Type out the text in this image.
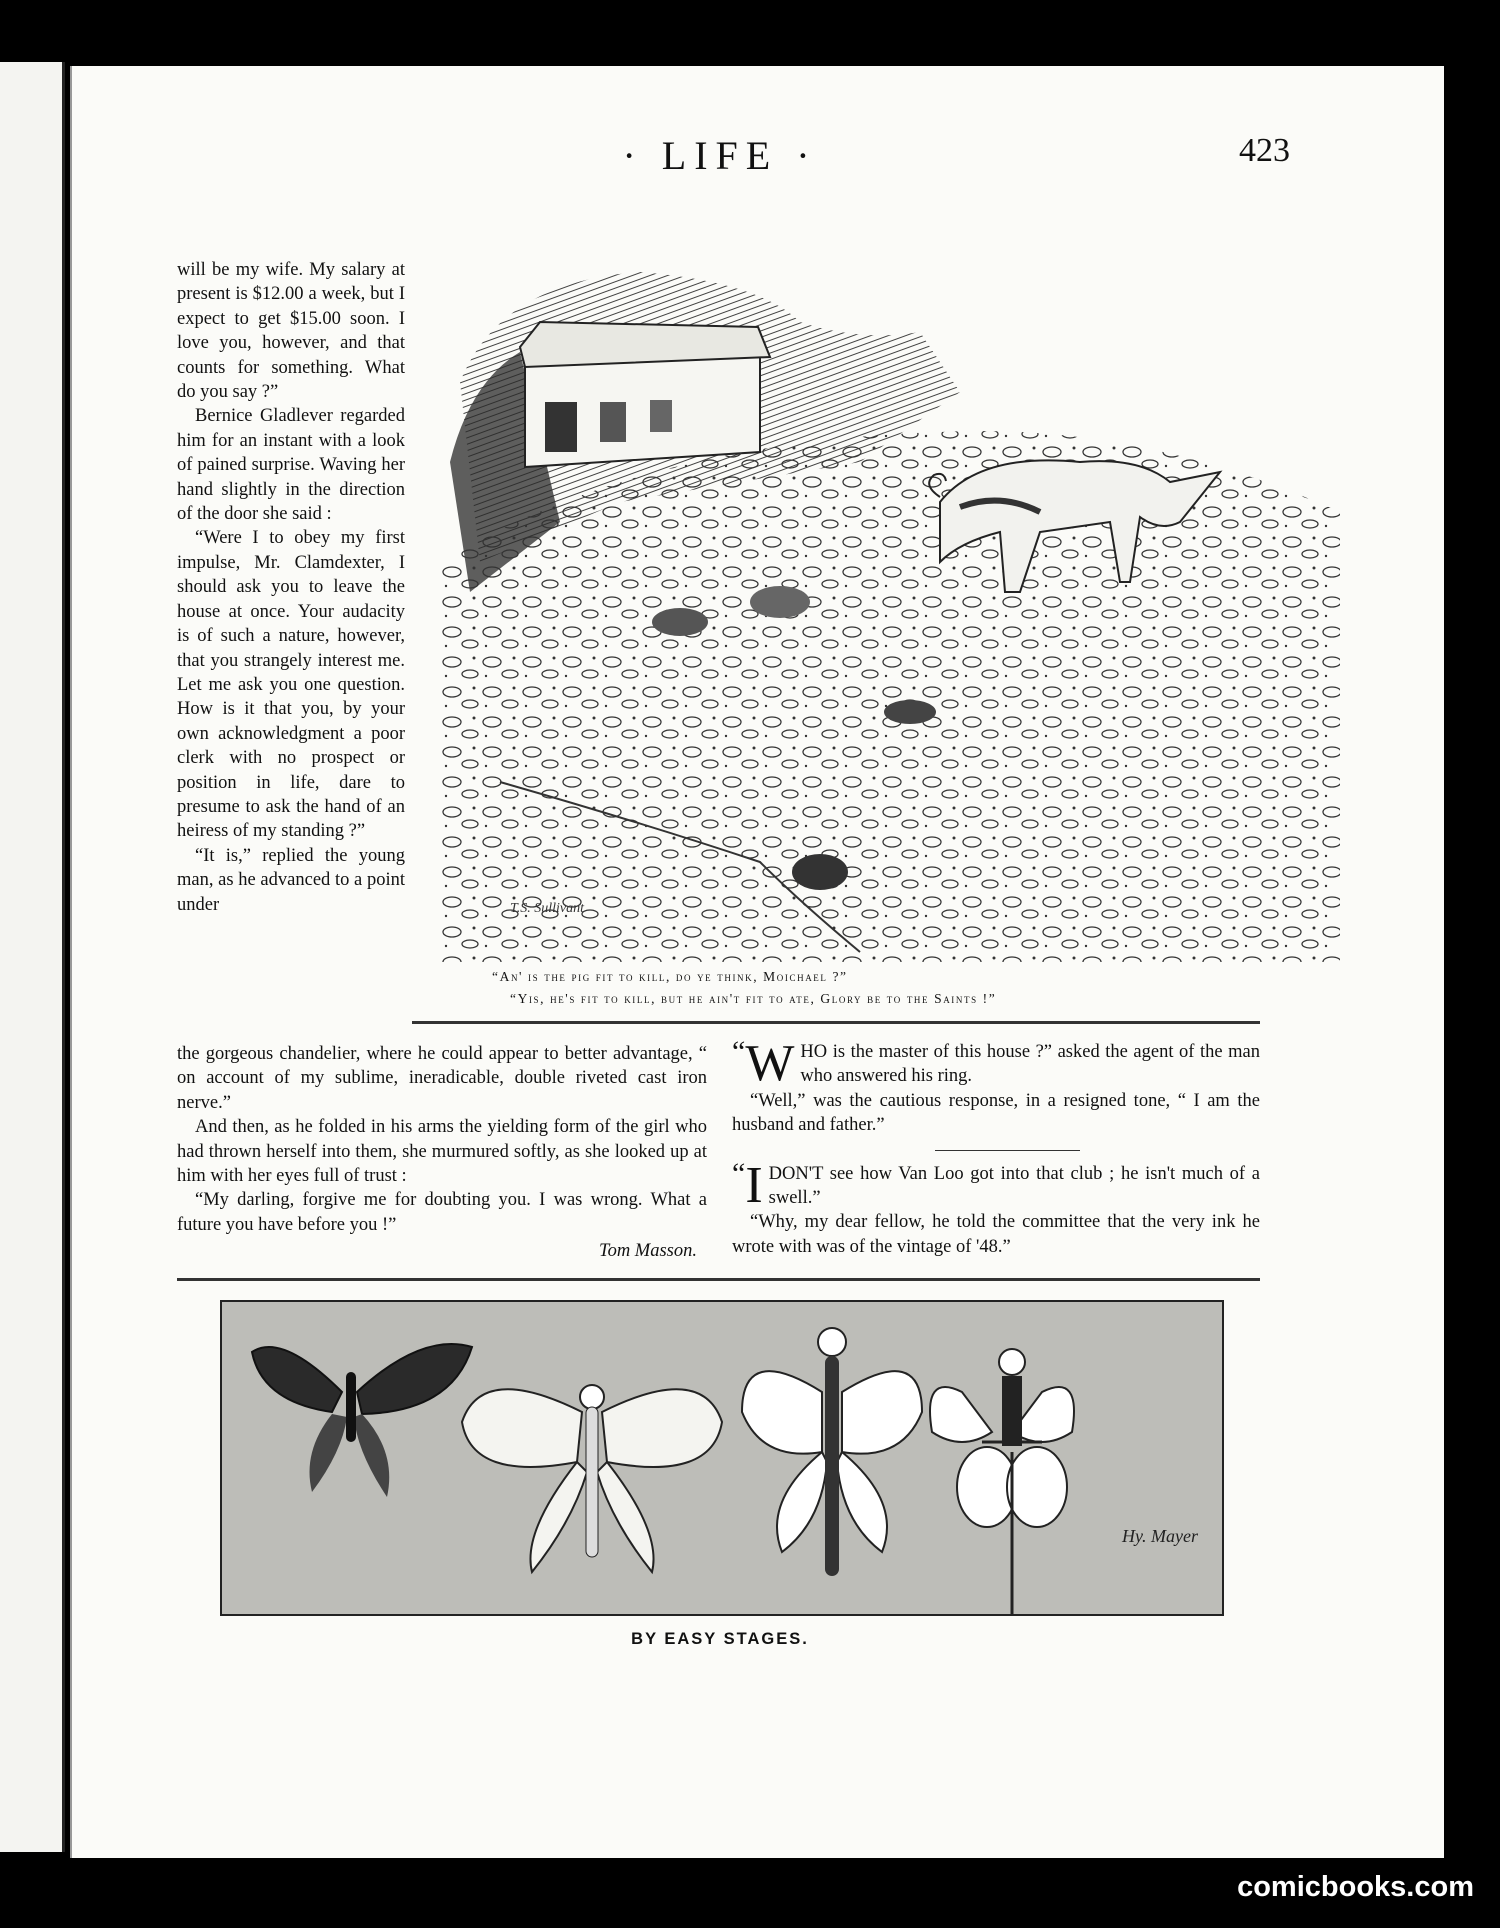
· LIFE ·	423
T.S. Sullivant
“An' is the pig fit to kill, do ye think, Moichael ?”
“Yis, he's fit to kill, but he ain't fit to ate, Glory be to the Saints !”

will be my wife. My salary at present is $12.00 a week, but I expect to get $15.00 soon. I love you, however, and that counts for something. What do you say ?”

Bernice Gladlever regarded him for an instant with a look of pained surprise. Waving her hand slightly in the direction of the door she said :

“Were I to obey my first impulse, Mr. Clamdexter, I should ask you to leave the house at once. Your audacity is of such a nature, however, that you strangely interest me. Let me ask you one question. How is it that you, by your own acknowledgment a poor clerk with no prospect or position in life, dare to presume to ask the hand of an heiress of my standing ?”

“It is,” replied the young man, as he advanced to a point under

the gorgeous chandelier, where he could appear to better advantage, “ on account of my sublime, ineradicable, double riveted cast iron nerve.”

And then, as he folded in his arms the yielding form of the girl who had thrown herself into them, she murmured softly, as she looked up at him with her eyes full of trust :

“My darling, forgive me for doubting you. I was wrong. What a future you have before you !”

Tom Masson.

“W HO is the master of this house ?” asked the agent of the man who answered his ring.

“Well,” was the cautious response, in a resigned tone, “ I am the husband and father.”

“I DON'T see how Van Loo got into that club ; he isn't much of a swell.”

“Why, my dear fellow, he told the committee that the very ink he wrote with was of the vintage of '48.”

Hy. Mayer
BY EASY STAGES.
comicbooks.com
